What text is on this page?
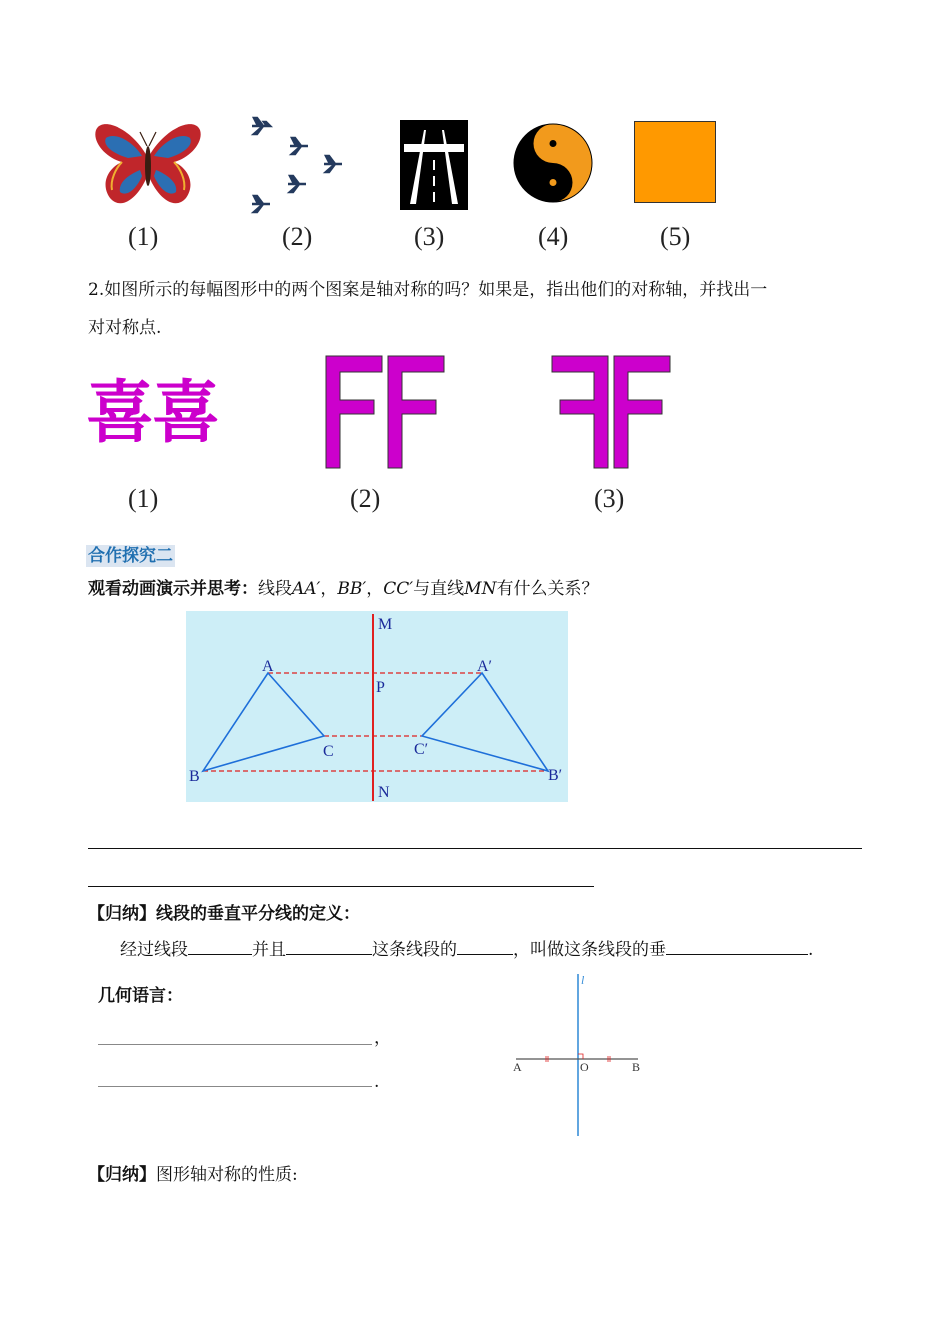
(1)	(2)	(3)	(4)	(5)
2.如图所示的每幅图形中的两个图案是轴对称的吗？如果是，指出他们的对称轴，并找出一
对对称点.
喜喜
(1)	(2)	(3)
合作探究二
观看动画演示并思考：线段AA′，BB′，CC′与直线MN有什么关系？
M
N
P
A
B
C
A′
B′
C′
【归纳】线段的垂直平分线的定义：
经过线段	并且	这条线段的	，叫做这条线段的垂	.
几何语言：
，
.
l
A	O	B
【归纳】图形轴对称的性质:
